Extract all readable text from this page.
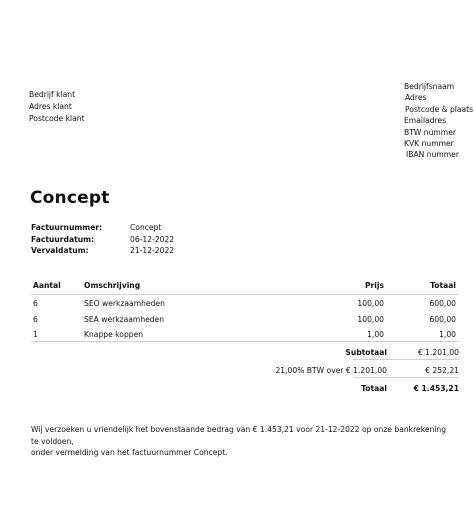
Bedrijf klant
Adres klant
Postcode klant
Bedrijfsnaam
Adres
Postcode & plaats
Emailadres
BTW nummer
KVK nummer
IBAN nummer
Concept
Factuurnummer:	Concept
Factuurdatum:	06-12-2022
Vervaldatum:	21-12-2022
Aantal	Omschrijving	Prijs	Totaal
6	SEO werkzaamheden	100,00	600,00
6	SEA werkzaamheden	100,00	600,00
1	Knappe koppen	1,00	1,00
Subtotaal	€ 1.201,00
21,00% BTW over € 1.201,00	€ 252,21
Totaal	€ 1.453,21
Wij verzoeken u vriendelijk het bovenstaande bedrag van € 1.453,21 voor 21-12-2022 op onze bankrekening te voldoen,
onder vermelding van het factuurnummer Concept.
